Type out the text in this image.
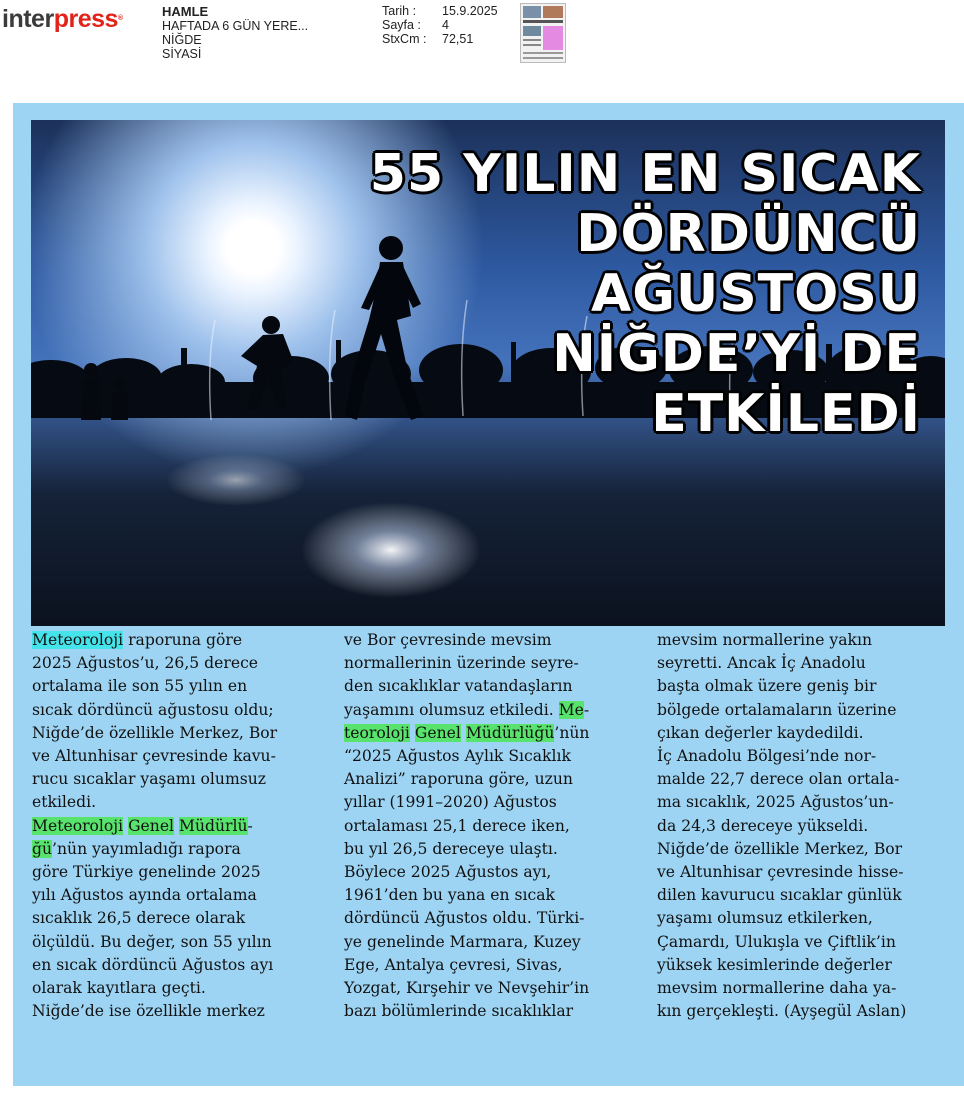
interpress®	HAMLE
HAFTADA 6 GÜN YERE...
NİĞDE
SİYASİ
Tarih : 15.9.2025
Sayfa : 4
StxCm : 72,51
55 YILIN EN SICAK
DÖRDÜNCÜ
AĞUSTOSU
NİĞDE’Yİ DE
ETKİLEDİ

Meteoroloji raporuna göre

2025 Ağustos’u, 26,5 derece

ortalama ile son 55 yılın en

sıcak dördüncü ağustosu oldu;

Niğde’de özellikle Merkez, Bor

ve Altunhisar çevresinde kavu-

rucu sıcaklar yaşamı olumsuz

etkiledi.

Meteoroloji Genel Müdürlü-

ğü’nün yayımladığı rapora

göre Türkiye genelinde 2025

yılı Ağustos ayında ortalama

sıcaklık 26,5 derece olarak

ölçüldü. Bu değer, son 55 yılın

en sıcak dördüncü Ağustos ayı

olarak kayıtlara geçti.

Niğde’de ise özellikle merkez

ve Bor çevresinde mevsim

normallerinin üzerinde seyre-

den sıcaklıklar vatandaşların

yaşamını olumsuz etkiledi. Me-

teoroloji Genel Müdürlüğü’nün

“2025 Ağustos Aylık Sıcaklık

Analizi” raporuna göre, uzun

yıllar (1991–2020) Ağustos

ortalaması 25,1 derece iken,

bu yıl 26,5 dereceye ulaştı.

Böylece 2025 Ağustos ayı,

1961’den bu yana en sıcak

dördüncü Ağustos oldu. Türki-

ye genelinde Marmara, Kuzey

Ege, Antalya çevresi, Sivas,

Yozgat, Kırşehir ve Nevşehir’in

bazı bölümlerinde sıcaklıklar

mevsim normallerine yakın

seyretti. Ancak İç Anadolu

başta olmak üzere geniş bir

bölgede ortalamaların üzerine

çıkan değerler kaydedildi.

İç Anadolu Bölgesi’nde nor-

malde 22,7 derece olan ortala-

ma sıcaklık, 2025 Ağustos’un-

da 24,3 dereceye yükseldi.

Niğde’de özellikle Merkez, Bor

ve Altunhisar çevresinde hisse-

dilen kavurucu sıcaklar günlük

yaşamı olumsuz etkilerken,

Çamardı, Ulukışla ve Çiftlik’in

yüksek kesimlerinde değerler

mevsim normallerine daha ya-

kın gerçekleşti. (Ayşegül Aslan)
